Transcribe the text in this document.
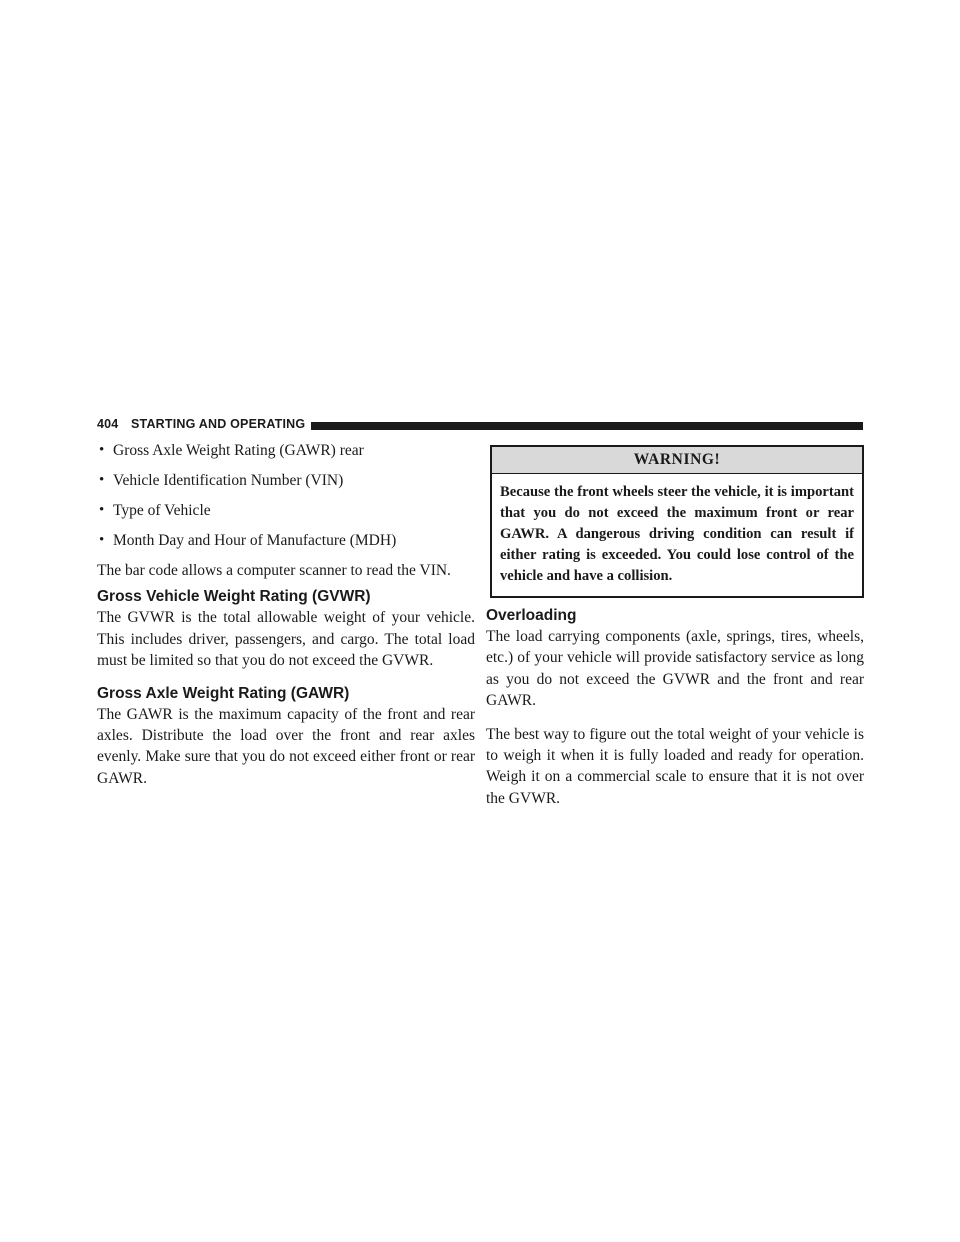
404 STARTING AND OPERATING
• Gross Axle Weight Rating (GAWR) rear
• Vehicle Identification Number (VIN)
• Type of Vehicle
• Month Day and Hour of Manufacture (MDH)

The bar code allows a computer scanner to read the VIN.

Gross Vehicle Weight Rating (GVWR)

The GVWR is the total allowable weight of your vehicle. This includes driver, passengers, and cargo. The total load must be limited so that you do not exceed the GVWR.

Gross Axle Weight Rating (GAWR)

The GAWR is the maximum capacity of the front and rear axles. Distribute the load over the front and rear axles evenly. Make sure that you do not exceed either front or rear GAWR.

WARNING!
Because the front wheels steer the vehicle, it is important that you do not exceed the maximum front or rear GAWR. A dangerous driving condition can result if either rating is exceeded. You could lose control of the vehicle and have a collision.
Overloading

The load carrying components (axle, springs, tires, wheels, etc.) of your vehicle will provide satisfactory service as long as you do not exceed the GVWR and the front and rear GAWR.

The best way to figure out the total weight of your vehicle is to weigh it when it is fully loaded and ready for operation. Weigh it on a commercial scale to ensure that it is not over the GVWR.
